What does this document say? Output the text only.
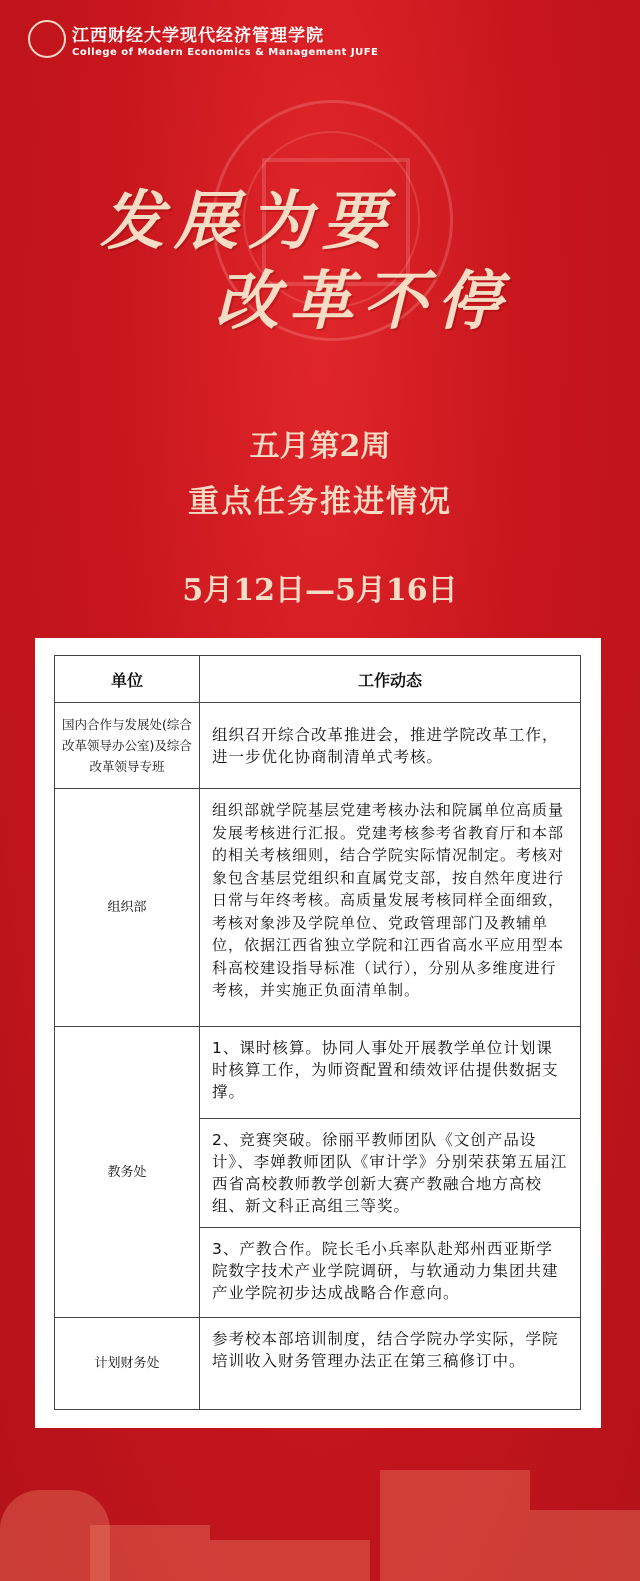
江西财经大学现代经济管理学院
College of Modern Economics & Management JUFE
发展为要
改革不停
五月第2周
重点任务推进情况
5月12日—5月16日
单位	工作动态
国内合作与发展处(综合改革领导办公室)及综合改革领导专班	组织召开综合改革推进会，推进学院改革工作，进一步优化协商制清单式考核。
组织部	组织部就学院基层党建考核办法和院属单位高质量发展考核进行汇报。党建考核参考省教育厅和本部的相关考核细则，结合学院实际情况制定。考核对象包含基层党组织和直属党支部，按自然年度进行日常与年终考核。高质量发展考核同样全面细致，考核对象涉及学院单位、党政管理部门及教辅单位，依据江西省独立学院和江西省高水平应用型本科高校建设指导标准（试行），分别从多维度进行考核，并实施正负面清单制。
教务处	1、课时核算。协同人事处开展教学单位计划课时核算工作，为师资配置和绩效评估提供数据支撑。
	2、竞赛突破。徐丽平教师团队《文创产品设计》、李婵教师团队《审计学》分别荣获第五届江西省高校教师教学创新大赛产教融合地方高校组、新文科正高组三等奖。
	3、产教合作。院长毛小兵率队赴郑州西亚斯学院数字技术产业学院调研，与软通动力集团共建产业学院初步达成战略合作意向。
计划财务处	参考校本部培训制度，结合学院办学实际，学院培训收入财务管理办法正在第三稿修订中。
